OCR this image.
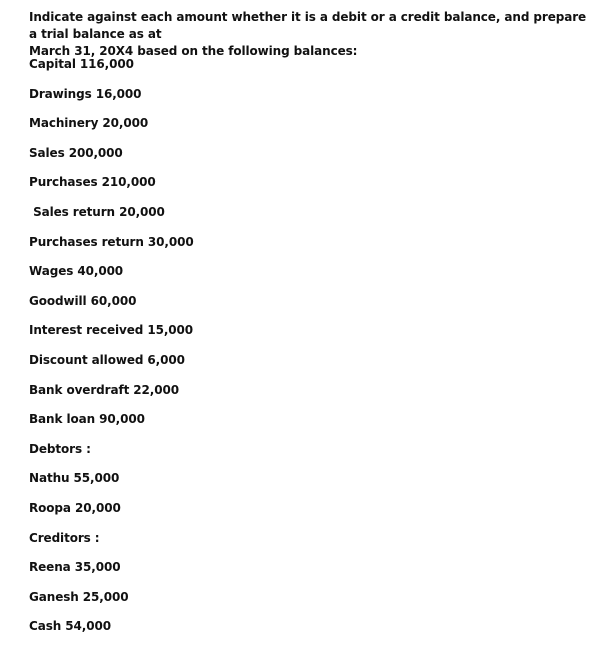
Indicate against each amount whether it is a debit or a credit balance, and prepare a trial balance as at
March 31, 20X4 based on the following balances:

Capital 116,000
Drawings 16,000
Machinery 20,000
Sales 200,000
Purchases 210,000
Sales return 20,000
Purchases return 30,000
Wages 40,000
Goodwill 60,000
Interest received 15,000
Discount allowed 6,000
Bank overdraft 22,000
Bank loan 90,000
Debtors :
Nathu 55,000
Roopa 20,000
Creditors :
Reena 35,000
Ganesh 25,000
Cash 54,000
